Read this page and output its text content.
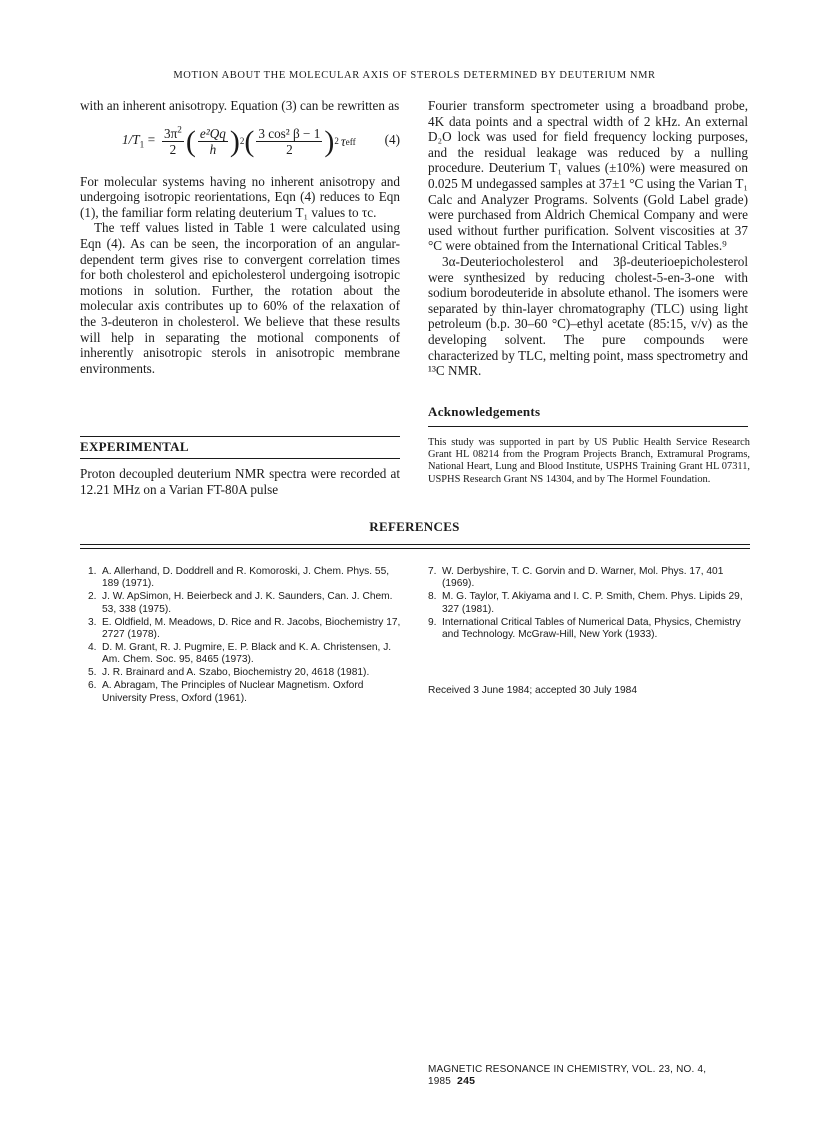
MOTION ABOUT THE MOLECULAR AXIS OF STEROLS DETERMINED BY DEUTERIUM NMR

with an inherent anisotropy. Equation (3) can be rewritten as

$1/T_1 = \frac{3\pi^2}{2}$ ( $\frac{\text{e²Qq}}{h}$ ) 2 ( $\frac{\text{3 cos² β − 1}}{2}$ ) 2 τ eff (4)

For molecular systems having no inherent anisotropy and undergoing isotropic reorientations, Eqn (4) reduces to Eqn (1), the familiar form relating deuterium T₁ values to τc.

The τeff values listed in Table 1 were calculated using Eqn (4). As can be seen, the incorporation of an angular-dependent term gives rise to convergent correlation times for both cholesterol and epicholesterol undergoing isotropic motions in solution. Further, the rotation about the molecular axis contributes up to 60% of the relaxation of the 3-deuteron in cholesterol. We believe that these results will help in separating the motional components of inherently anisotropic sterols in anisotropic membrane environments.

EXPERIMENTAL
Proton decoupled deuterium NMR spectra were recorded at 12.21 MHz on a Varian FT-80A pulse

Fourier transform spectrometer using a broadband probe, 4K data points and a spectral width of 2 kHz. An external D₂O lock was used for field frequency locking purposes, and the residual leakage was reduced by a nulling procedure. Deuterium T₁ values (±10%) were measured on 0.025 M undegassed samples at 37±1 °C using the Varian T₁ Calc and Analyzer Programs. Solvents (Gold Label grade) were purchased from Aldrich Chemical Company and were used without further purification. Solvent viscosities at 37 °C were obtained from the International Critical Tables.⁹

3α-Deuteriocholesterol and 3β-deuterioepicholesterol were synthesized by reducing cholest-5-en-3-one with sodium borodeuteride in absolute ethanol. The isomers were separated by thin-layer chromatography (TLC) using light petroleum (b.p. 30–60 °C)–ethyl acetate (85:15, v/v) as the developing solvent. The pure compounds were characterized by TLC, melting point, mass spectrometry and ¹³C NMR.

Acknowledgements
This study was supported in part by US Public Health Service Research Grant HL 08214 from the Program Projects Branch, Extramural Programs, National Heart, Lung and Blood Institute, USPHS Training Grant HL 07311, USPHS Research Grant NS 14304, and by The Hormel Foundation.
REFERENCES
1. A. Allerhand, D. Doddrell and R. Komoroski, J. Chem. Phys. 55, 189 (1971).
2. J. W. ApSimon, H. Beierbeck and J. K. Saunders, Can. J. Chem. 53, 338 (1975).
3. E. Oldfield, M. Meadows, D. Rice and R. Jacobs, Biochemistry 17, 2727 (1978).
4. D. M. Grant, R. J. Pugmire, E. P. Black and K. A. Christensen, J. Am. Chem. Soc. 95, 8465 (1973).
5. J. R. Brainard and A. Szabo, Biochemistry 20, 4618 (1981).
6. A. Abragam, The Principles of Nuclear Magnetism. Oxford University Press, Oxford (1961).
7. W. Derbyshire, T. C. Gorvin and D. Warner, Mol. Phys. 17, 401 (1969).
8. M. G. Taylor, T. Akiyama and I. C. P. Smith, Chem. Phys. Lipids 29, 327 (1981).
9. International Critical Tables of Numerical Data, Physics, Chemistry and Technology. McGraw-Hill, New York (1933).
Received 3 June 1984; accepted 30 July 1984
MAGNETIC RESONANCE IN CHEMISTRY, VOL. 23, NO. 4, 1985 245
